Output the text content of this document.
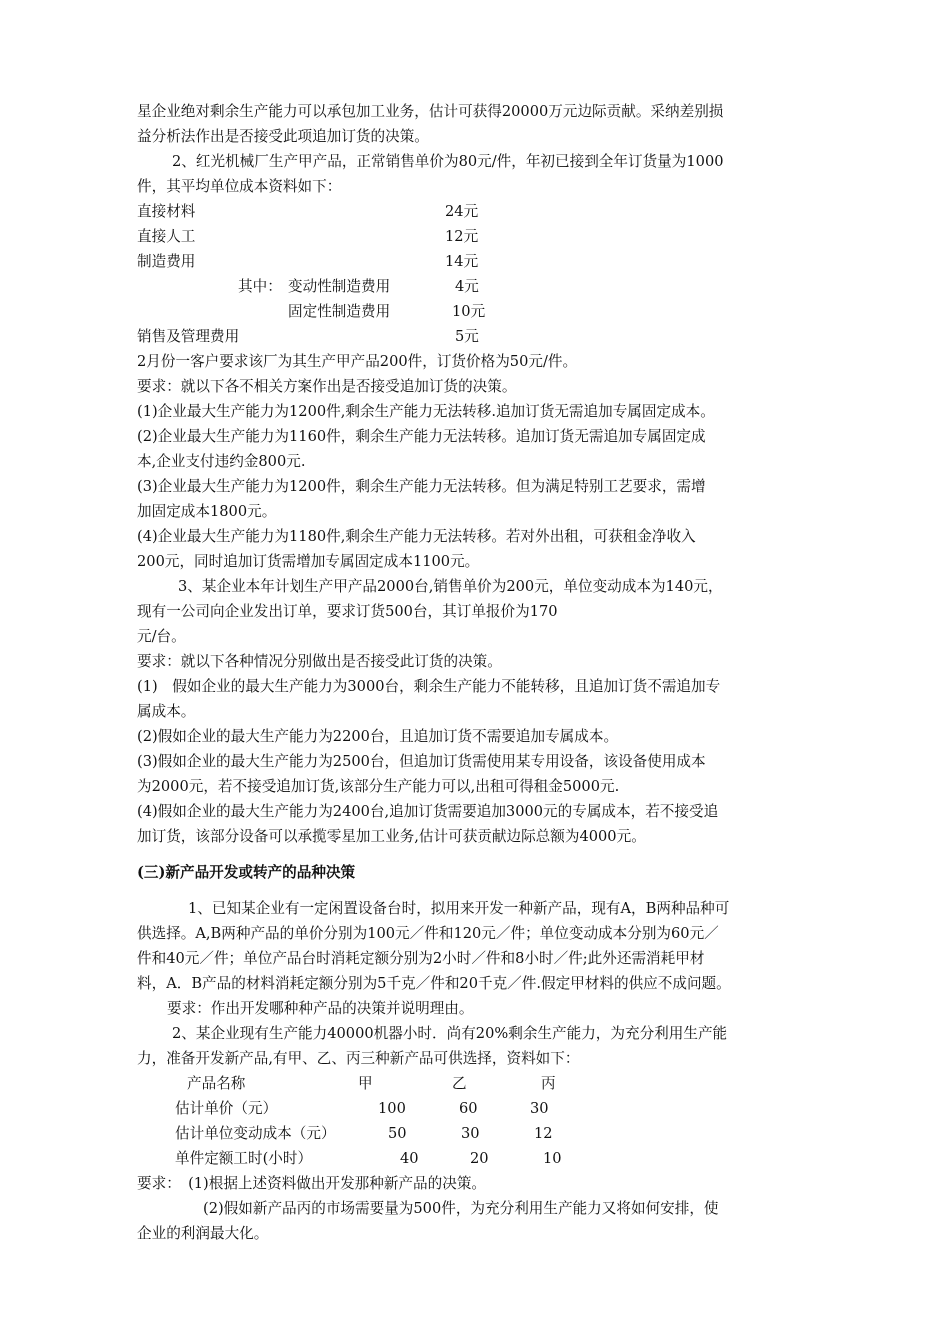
星企业绝对剩余生产能力可以承包加工业务，估计可获得20000万元边际贡献。采纳差别损
益分析法作出是否接受此项追加订货的决策。
2、红光机械厂生产甲产品，正常销售单价为80元/件，年初已接到全年订货量为1000
件，其平均单位成本资料如下：
直接材料	24元
直接人工	12元
制造费用	14元
其中： 变动性制造费用	4元
固定性制造费用	10元
销售及管理费用	5元
2月份一客户要求该厂为其生产甲产品200件，订货价格为50元/件。
要求：就以下各不相关方案作出是否接受追加订货的决策。
(1)企业最大生产能力为1200件,剩余生产能力无法转移.追加订货无需追加专属固定成本。
(2)企业最大生产能力为1160件，剩余生产能力无法转移。追加订货无需追加专属固定成
本,企业支付违约金800元.
(3)企业最大生产能力为1200件，剩余生产能力无法转移。但为满足特别工艺要求，需增
加固定成本1800元。
(4)企业最大生产能力为1180件,剩余生产能力无法转移。若对外出租，可获租金净收入
200元，同时追加订货需增加专属固定成本1100元。
3、某企业本年计划生产甲产品2000台,销售单价为200元，单位变动成本为140元，
现有一公司向企业发出订单，要求订货500台，其订单报价为170
元/台。
要求：就以下各种情况分别做出是否接受此订货的决策。
(1)　假如企业的最大生产能力为3000台，剩余生产能力不能转移，且追加订货不需追加专
属成本。
(2)假如企业的最大生产能力为2200台，且追加订货不需要追加专属成本。
(3)假如企业的最大生产能力为2500台，但追加订货需使用某专用设备，该设备使用成本
为2000元，若不接受追加订货,该部分生产能力可以,出租可得租金5000元.
(4)假如企业的最大生产能力为2400台,追加订货需要追加3000元的专属成本，若不接受追
加订货，该部分设备可以承揽零星加工业务,估计可获贡献边际总额为4000元。
(三)新产品开发或转产的品种决策
1、已知某企业有一定闲置设备台时，拟用来开发一种新产品，现有A，B两种品种可
供选择。A,B两种产品的单价分别为100元／件和120元／件；单位变动成本分别为60元／
件和40元／件；单位产品台时消耗定额分别为2小时／件和8小时／件;此外还需消耗甲材
料，A．B产品的材料消耗定额分别为5千克／件和20千克／件.假定甲材料的供应不成问题。
要求：作出开发哪种种产品的决策并说明理由。
2、某企业现有生产能力40000机器小时．尚有20%剩余生产能力，为充分利用生产能
力，准备开发新产品,有甲、乙、丙三种新产品可供选择，资料如下：
产品名称	甲	乙	丙
估计单价（元）	100	60	30
估计单位变动成本（元）	50	30	12
单件定额工时(小时）	40	20	10
要求：　(1)根据上述资料做出开发那种新产品的决策。
(2)假如新产品丙的市场需要量为500件，为充分利用生产能力又将如何安排，使
企业的利润最大化。
